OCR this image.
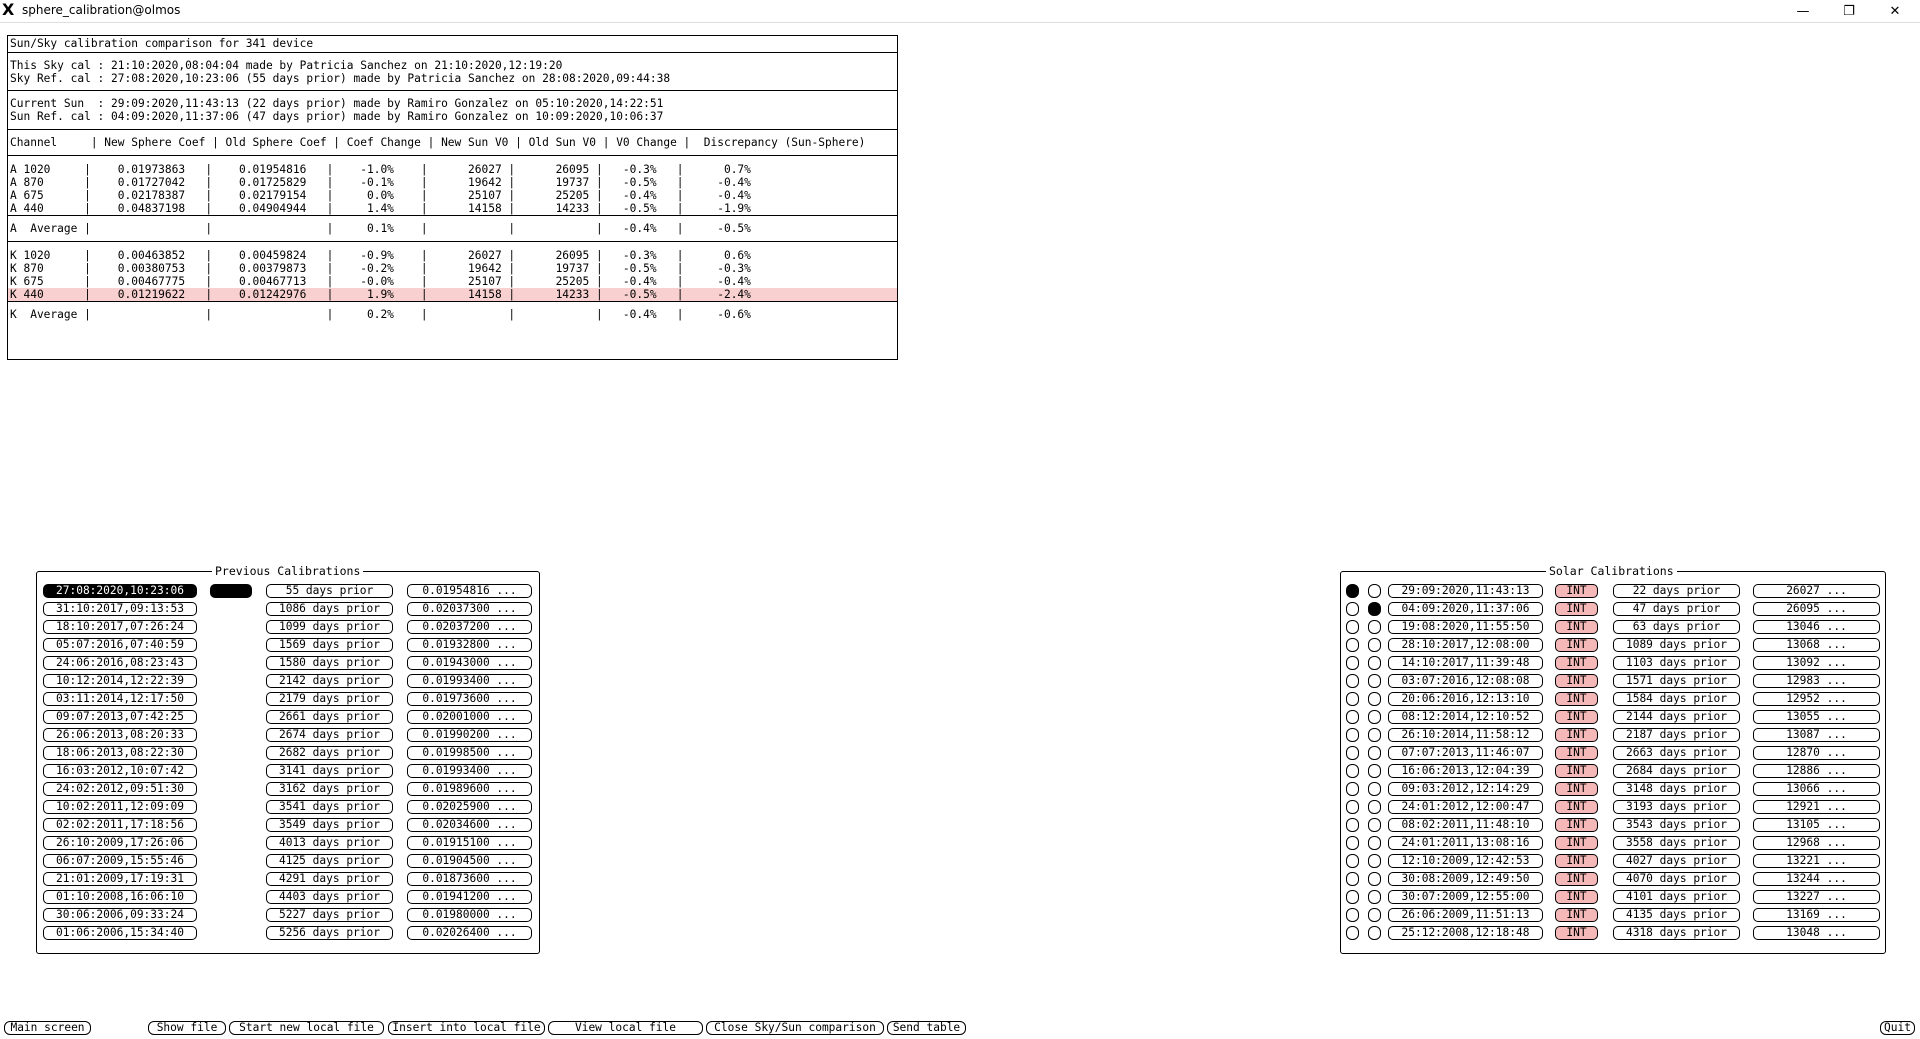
X sphere_calibration@olmos	—	❐	✕

Sun/Sky calibration comparison for 341 device

This Sky cal : 21:10:2020,08:04:04 made by Patricia Sanchez on 21:10:2020,12:19:20

Sky Ref. cal : 27:08:2020,10:23:06 (55 days prior) made by Patricia Sanchez on 28:08:2020,09:44:38

Current Sun  : 29:09:2020,11:43:13 (22 days prior) made by Ramiro Gonzalez on 05:10:2020,14:22:51

Sun Ref. cal : 04:09:2020,11:37:06 (47 days prior) made by Ramiro Gonzalez on 10:09:2020,10:06:37

Channel     | New Sphere Coef | Old Sphere Coef | Coef Change | New Sun V0 | Old Sun V0 | V0 Change |  Discrepancy (Sun-Sphere)

A 1020     |    0.01973863   |    0.01954816   |    -1.0%    |      26027 |      26095 |   -0.3%   |      0.7%

A 870      |    0.01727042   |    0.01725829   |    -0.1%    |      19642 |      19737 |   -0.5%   |     -0.4%

A 675      |    0.02178387   |    0.02179154   |     0.0%    |      25107 |      25205 |   -0.4%   |     -0.4%

A 440      |    0.04837198   |    0.04904944   |     1.4%    |      14158 |      14233 |   -0.5%   |     -1.9%

A  Average |                 |                 |     0.1%    |            |            |   -0.4%   |     -0.5%

K 1020     |    0.00463852   |    0.00459824   |    -0.9%    |      26027 |      26095 |   -0.3%   |      0.6%

K 870      |    0.00380753   |    0.00379873   |    -0.2%    |      19642 |      19737 |   -0.5%   |     -0.3%

K 675      |    0.00467775   |    0.00467713   |    -0.0%    |      25107 |      25205 |   -0.4%   |     -0.4%

K 440      |    0.01219622   |    0.01242976   |     1.9%    |      14158 |      14233 |   -0.5%   |     -2.4%

K  Average |                 |                 |     0.2%    |            |            |   -0.4%   |     -0.6%

Previous Calibrations

27:08:2020,10:23:06	55 days prior	0.01954816 ...
31:10:2017,09:13:53	1086 days prior	0.02037300 ...
18:10:2017,07:26:24	1099 days prior	0.02037200 ...
05:07:2016,07:40:59	1569 days prior	0.01932800 ...
24:06:2016,08:23:43	1580 days prior	0.01943000 ...
10:12:2014,12:22:39	2142 days prior	0.01993400 ...
03:11:2014,12:17:50	2179 days prior	0.01973600 ...
09:07:2013,07:42:25	2661 days prior	0.02001000 ...
26:06:2013,08:20:33	2674 days prior	0.01990200 ...
18:06:2013,08:22:30	2682 days prior	0.01998500 ...
16:03:2012,10:07:42	3141 days prior	0.01993400 ...
24:02:2012,09:51:30	3162 days prior	0.01989600 ...
10:02:2011,12:09:09	3541 days prior	0.02025900 ...
02:02:2011,17:18:56	3549 days prior	0.02034600 ...
26:10:2009,17:26:06	4013 days prior	0.01915100 ...
06:07:2009,15:55:46	4125 days prior	0.01904500 ...
21:01:2009,17:19:31	4291 days prior	0.01873600 ...
01:10:2008,16:06:10	4403 days prior	0.01941200 ...
30:06:2006,09:33:24	5227 days prior	0.01980000 ...
01:06:2006,15:34:40	5256 days prior	0.02026400 ...

Solar Calibrations

29:09:2020,11:43:13	INT	22 days prior	26027 ...
04:09:2020,11:37:06	INT	47 days prior	26095 ...
19:08:2020,11:55:50	INT	63 days prior	13046 ...
28:10:2017,12:08:00	INT	1089 days prior	13068 ...
14:10:2017,11:39:48	INT	1103 days prior	13092 ...
03:07:2016,12:08:08	INT	1571 days prior	12983 ...
20:06:2016,12:13:10	INT	1584 days prior	12952 ...
08:12:2014,12:10:52	INT	2144 days prior	13055 ...
26:10:2014,11:58:12	INT	2187 days prior	13087 ...
07:07:2013,11:46:07	INT	2663 days prior	12870 ...
16:06:2013,12:04:39	INT	2684 days prior	12886 ...
09:03:2012,12:14:29	INT	3148 days prior	13066 ...
24:01:2012,12:00:47	INT	3193 days prior	12921 ...
08:02:2011,11:48:10	INT	3543 days prior	13105 ...
24:01:2011,13:08:16	INT	3558 days prior	12968 ...
12:10:2009,12:42:53	INT	4027 days prior	13221 ...
30:08:2009,12:49:50	INT	4070 days prior	13244 ...
30:07:2009,12:55:00	INT	4101 days prior	13227 ...
26:06:2009,11:51:13	INT	4135 days prior	13169 ...
25:12:2008,12:18:48	INT	4318 days prior	13048 ...

Main screen

	Show file

	Start new local file

	Insert into local file

	View local file

	Close Sky/Sun comparison

	Send table

	Quit
